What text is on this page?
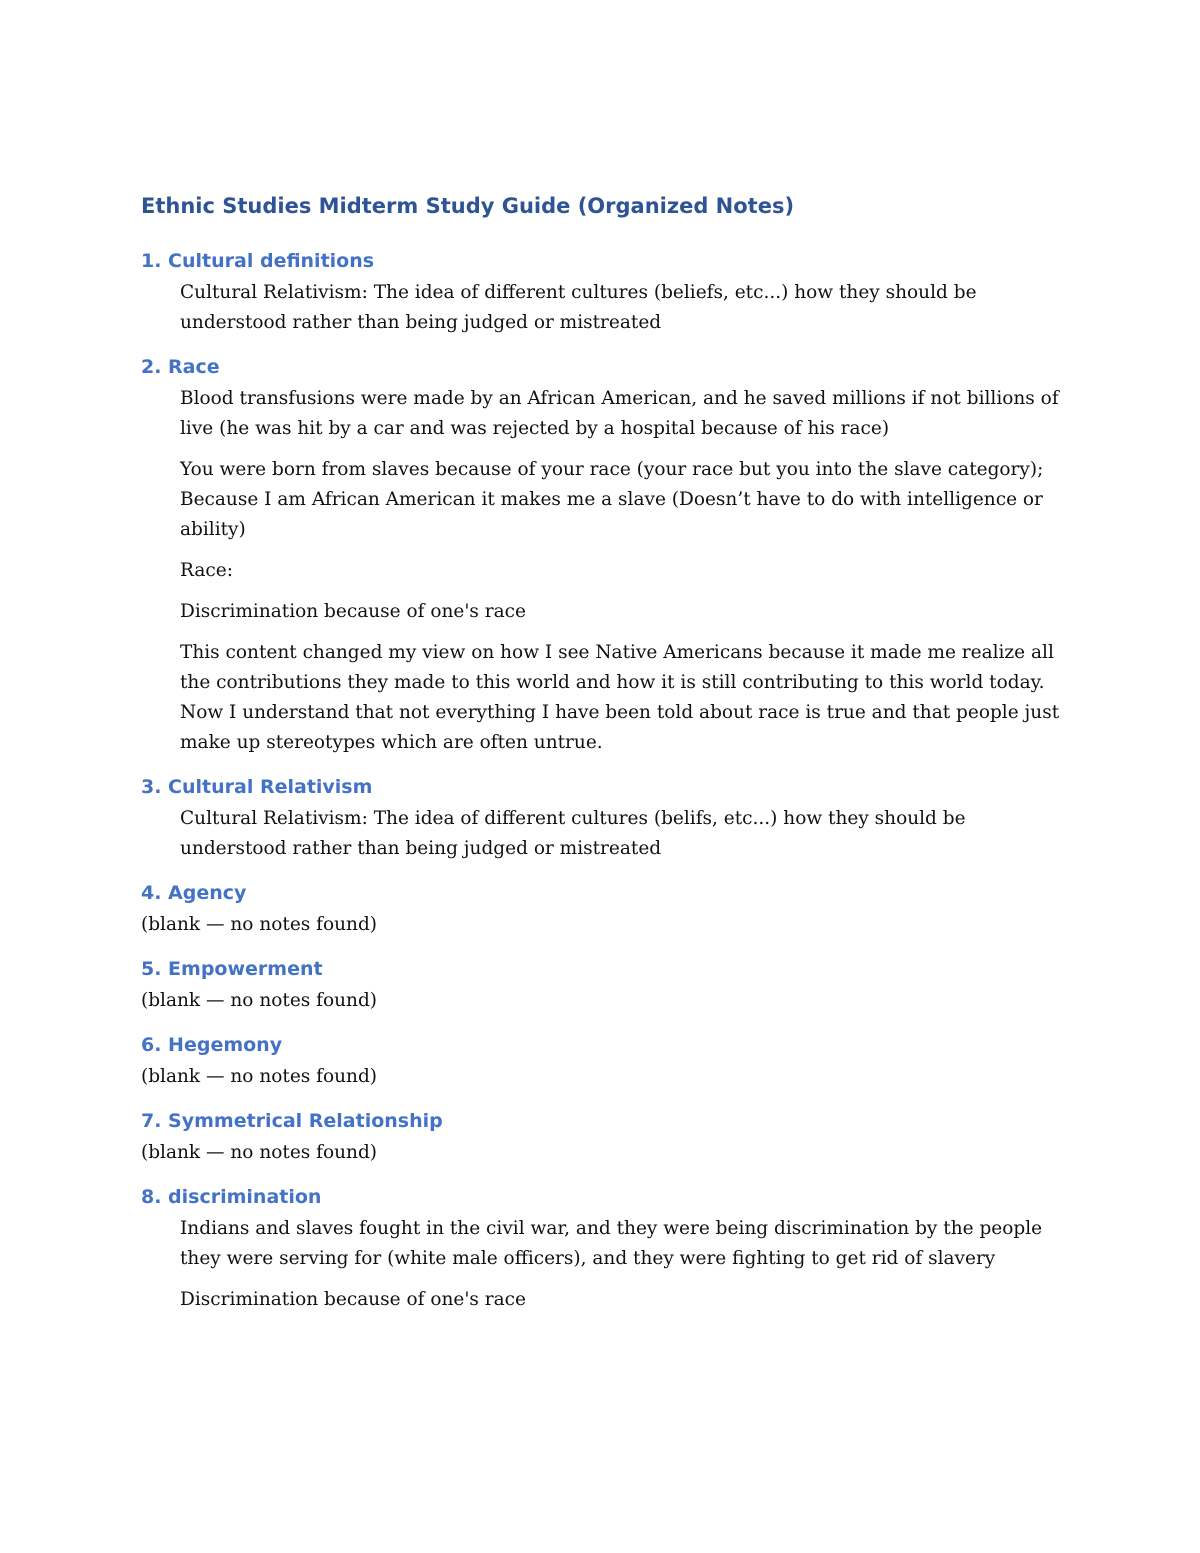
Ethnic Studies Midterm Study Guide (Organized Notes)
1. Cultural definitions
Cultural Relativism: The idea of different cultures (beliefs, etc...) how they should be understood rather than being judged or mistreated
2. Race
Blood transfusions were made by an African American, and he saved millions if not billions of live (he was hit by a car and was rejected by a hospital because of his race)
You were born from slaves because of your race (your race but you into the slave category); Because I am African American it makes me a slave (Doesn’t have to do with intelligence or ability)
Race:
Discrimination because of one's race
This content changed my view on how I see Native Americans because it made me realize all the contributions they made to this world and how it is still contributing to this world today. Now I understand that not everything I have been told about race is true and that people just make up stereotypes which are often untrue.
3. Cultural Relativism
Cultural Relativism: The idea of different cultures (belifs, etc...) how they should be understood rather than being judged or mistreated
4. Agency
(blank — no notes found)
5. Empowerment
(blank — no notes found)
6. Hegemony
(blank — no notes found)
7. Symmetrical Relationship
(blank — no notes found)
8. discrimination
Indians and slaves fought in the civil war, and they were being discrimination by the people they were serving for (white male officers), and they were fighting to get rid of slavery
Discrimination because of one's race
